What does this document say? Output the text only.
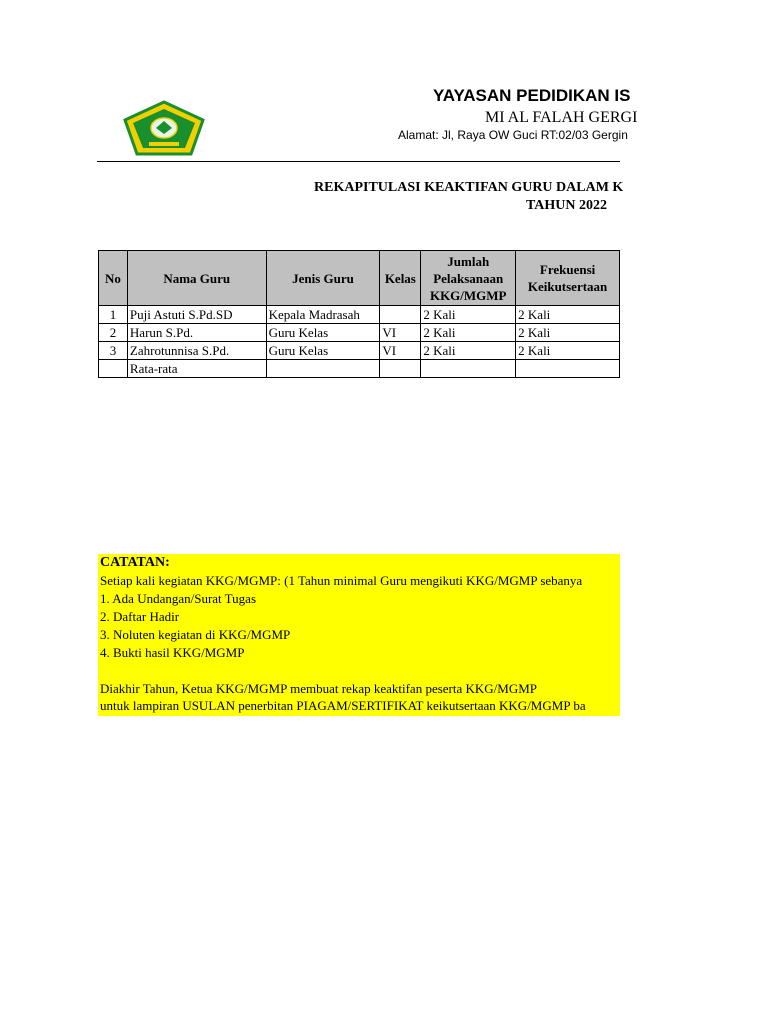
YAYASAN PEDIDIKAN IS
MI AL FALAH GERGI
Alamat: Jl, Raya OW Guci RT:02/03 Gergin
REKAPITULASI KEAKTIFAN GURU DALAM K
TAHUN 2022
No	Nama Guru	Jenis Guru	Kelas	Jumlah Pelaksanaan KKG/MGMP	Frekuensi Keikutsertaan
1	Puji Astuti S.Pd.SD	Kepala Madrasah		2 Kali	2 Kali
2	Harun S.Pd.	Guru Kelas	VI	2 Kali	2 Kali
3	Zahrotunnisa S.Pd.	Guru Kelas	VI	2 Kali	2 Kali
	Rata-rata				
CATATAN:
Setiap kali kegiatan KKG/MGMP: (1 Tahun minimal Guru mengikuti KKG/MGMP sebanya
1. Ada Undangan/Surat Tugas
2. Daftar Hadir
3. Noluten kegiatan di KKG/MGMP
4. Bukti hasil KKG/MGMP
Diakhir Tahun, Ketua KKG/MGMP membuat rekap keaktifan peserta KKG/MGMP
untuk lampiran USULAN penerbitan PIAGAM/SERTIFIKAT keikutsertaan KKG/MGMP ba
